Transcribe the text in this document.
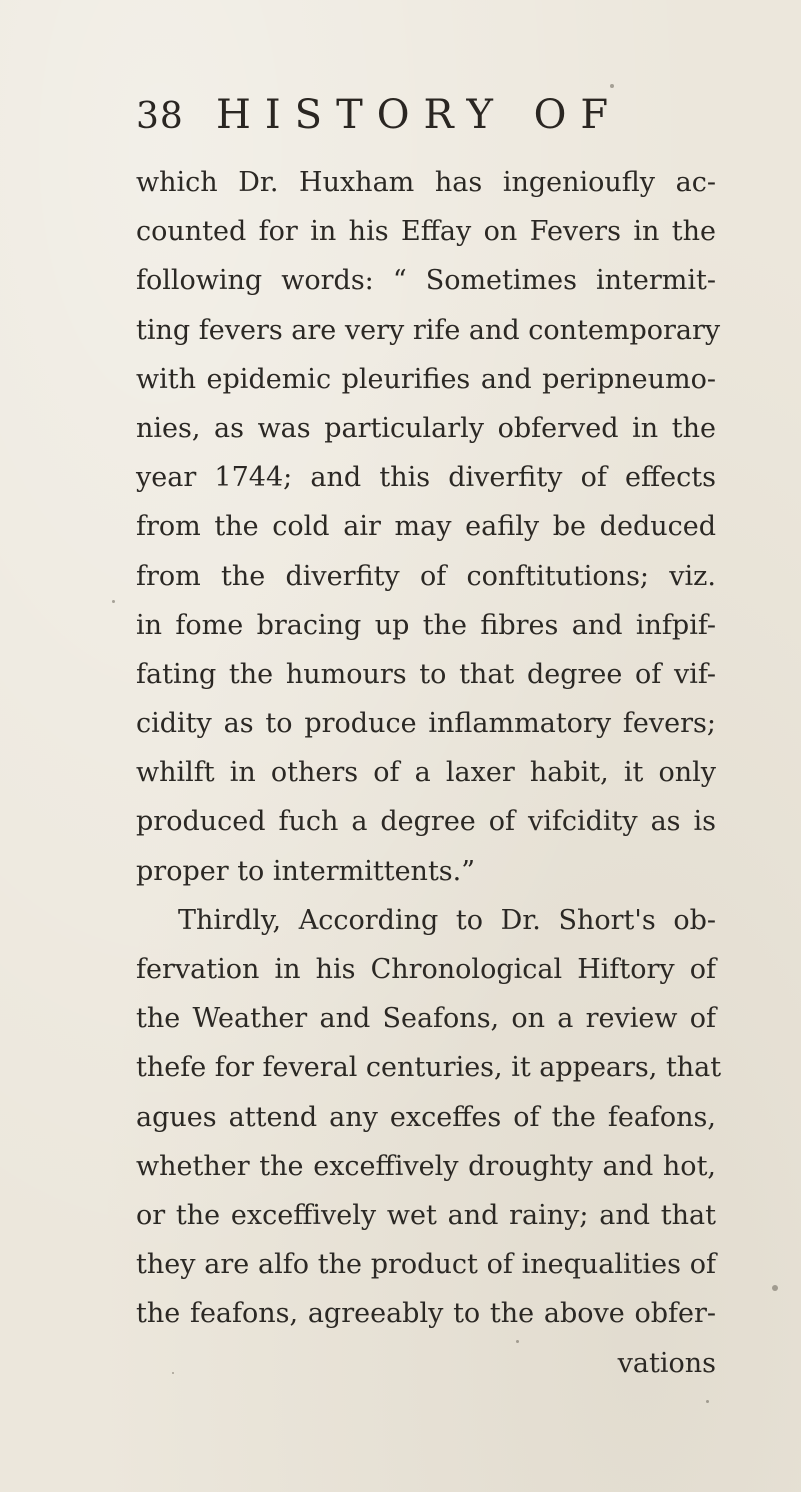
38 HISTORY OF
which Dr. Huxham has ingenioufly ac-
counted for in his Effay on Fevers in the
following words: “ Sometimes intermit-
ting fevers are very rife and contemporary
with epidemic pleurifies and peripneumo-
nies, as was particularly obferved in the
year 1744; and this diverfity of effects
from the cold air may eafily be deduced
from the diverfity of conftitutions; viz.
in fome bracing up the fibres and infpif-
fating the humours to that degree of vif-
cidity as to produce inflammatory fevers;
whilft in others of a laxer habit, it only
produced fuch a degree of vifcidity as is
proper to intermittents.”
Thirdly, According to Dr. Short's ob-
fervation in his Chronological Hiftory of
the Weather and Seafons, on a review of
thefe for feveral centuries, it appears, that
agues attend any exceffes of the feafons,
whether the exceffively droughty and hot,
or the exceffively wet and rainy; and that
they are alfo the product of inequalities of
the feafons, agreeably to the above obfer-
vations
